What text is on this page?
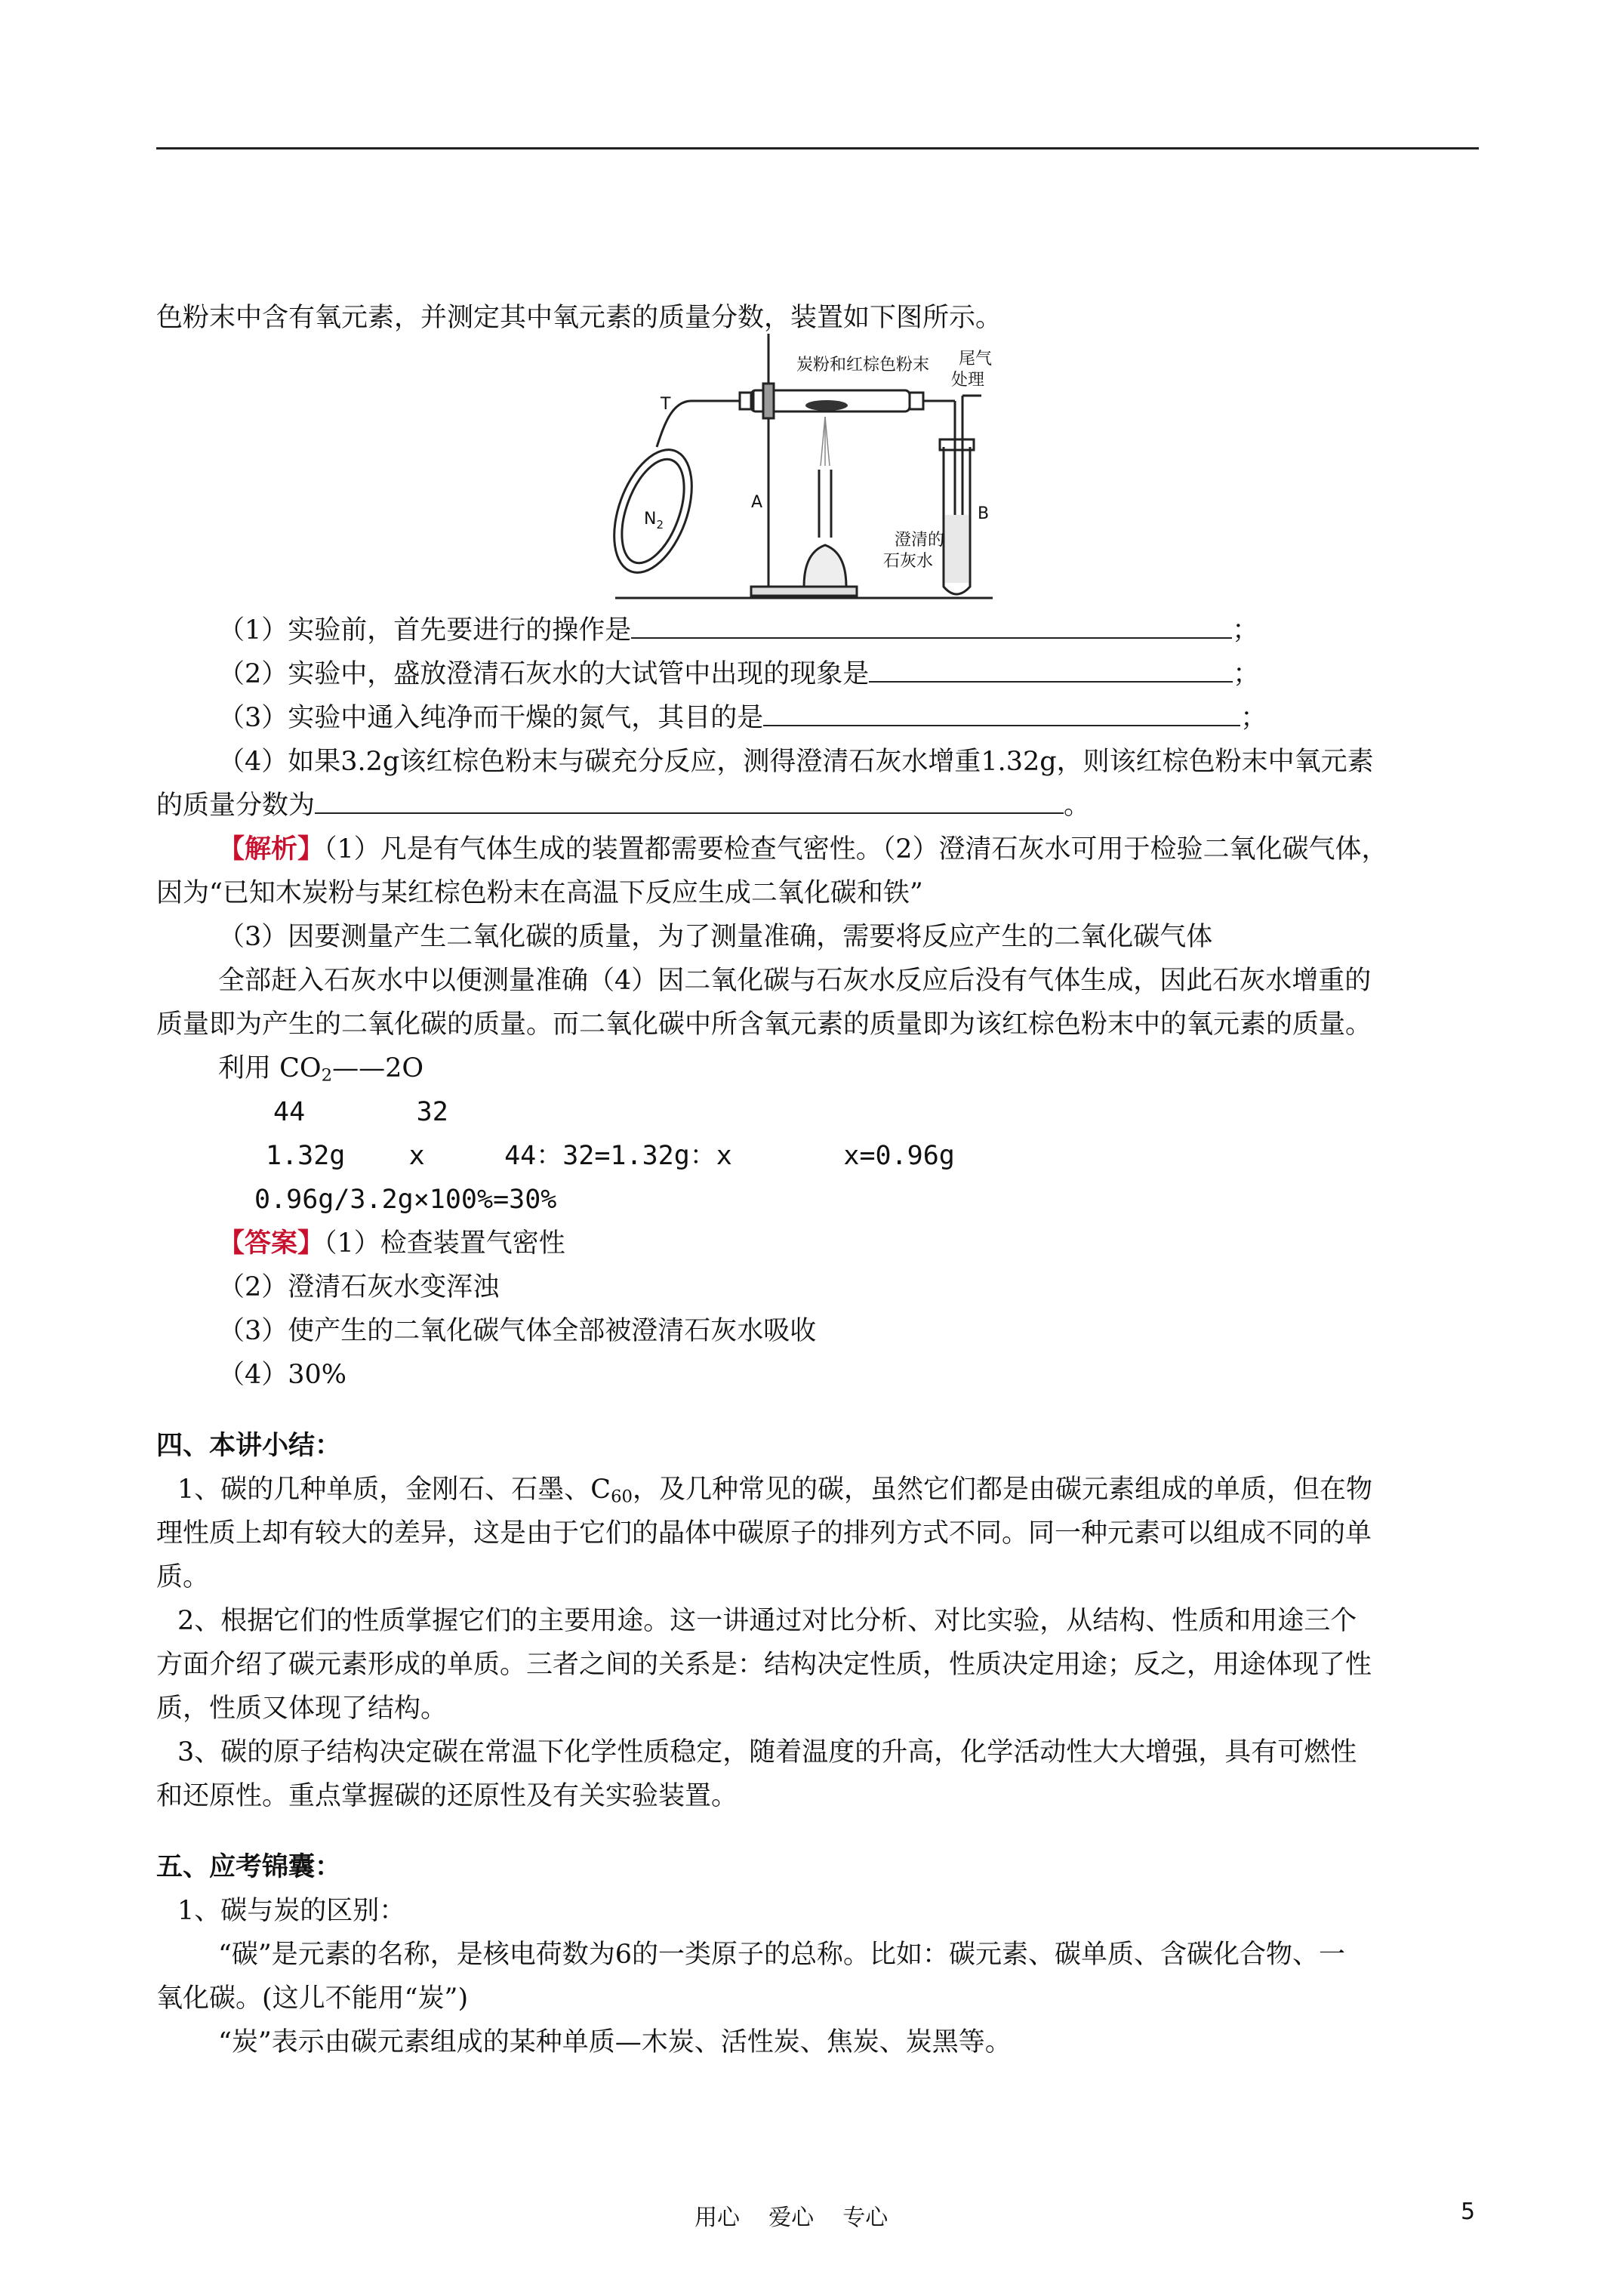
色粉末中含有氧元素，并测定其中氧元素的质量分数，装置如下图所示。
炭粉和红棕色粉末 尾气
处理
T
A
B
$N_2$
澄清的
石灰水
（1）实验前，首先要进行的操作是	；
（2）实验中，盛放澄清石灰水的大试管中出现的现象是	；
（3）实验中通入纯净而干燥的氮气，其目的是	；
（4）如果3.2g该红棕色粉末与碳充分反应，测得澄清石灰水增重1.32g，则该红棕色粉末中氧元素
的质量分数为	。
【解析】（1）凡是有气体生成的装置都需要检查气密性。（2）澄清石灰水可用于检验二氧化碳气体，
因为“已知木炭粉与某红棕色粉末在高温下反应生成二氧化碳和铁”
（3）因要测量产生二氧化碳的质量，为了测量准确，需要将反应产生的二氧化碳气体
全部赶入石灰水中以便测量准确（4）因二氧化碳与石灰水反应后没有气体生成，因此石灰水增重的
质量即为产生的二氧化碳的质量。而二氧化碳中所含氧元素的质量即为该红棕色粉末中的氧元素的质量。
利用 $CO_2——2O$
44       32
1.32g    x     44：32=1.32g：x       x=0.96g
0.96g/3.2g×100%=30%
【答案】（1）检查装置气密性
（2）澄清石灰水变浑浊
（3）使产生的二氧化碳气体全部被澄清石灰水吸收
（4）30%
四、本讲小结：
1、碳的几种单质，金刚石、石墨、$C_{60}$，及几种常见的碳，虽然它们都是由碳元素组成的单质，但在物
理性质上却有较大的差异，这是由于它们的晶体中碳原子的排列方式不同。同一种元素可以组成不同的单
质。
2、根据它们的性质掌握它们的主要用途。这一讲通过对比分析、对比实验，从结构、性质和用途三个
方面介绍了碳元素形成的单质。三者之间的关系是：结构决定性质，性质决定用途；反之，用途体现了性
质，性质又体现了结构。
3、碳的原子结构决定碳在常温下化学性质稳定，随着温度的升高，化学活动性大大增强，具有可燃性
和还原性。重点掌握碳的还原性及有关实验装置。
五、应考锦囊：
1、碳与炭的区别：
“碳”是元素的名称，是核电荷数为6的一类原子的总称。比如：碳元素、碳单质、含碳化合物、一
氧化碳。(这儿不能用“炭”)
“炭”表示由碳元素组成的某种单质—木炭、活性炭、焦炭、炭黑等。
用心    爱心    专心	5
